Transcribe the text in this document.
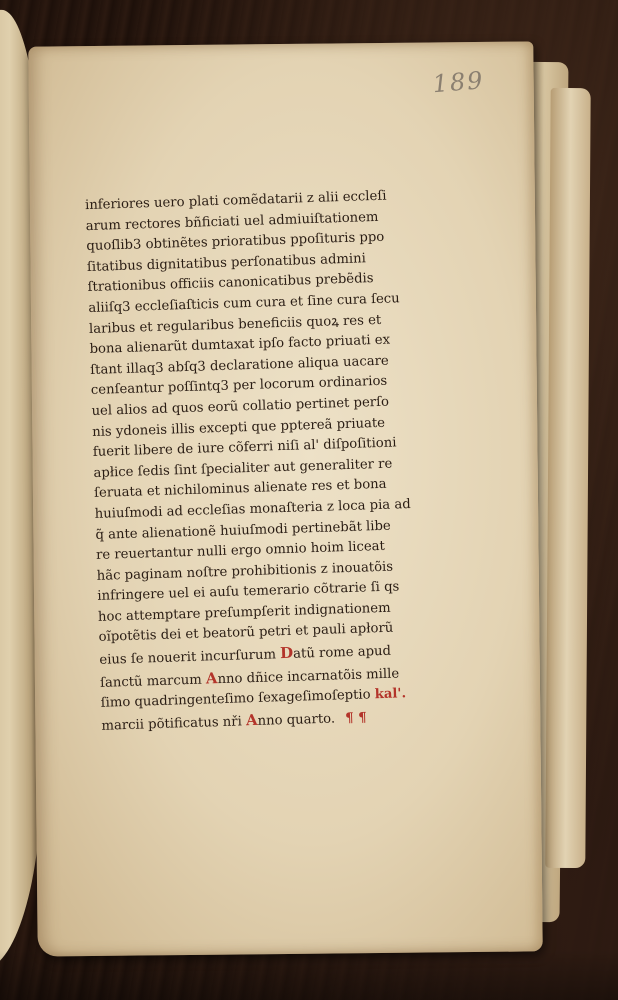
189
inferiores uero plati comẽdatarii z alii eccleſi
arum rectores bñficiati uel admiuiſtationem
quoſlib3 obtinẽtes prioratibus ppoſituris ppo
ſitatibus dignitatibus perſonatibus admini
ſtrationibus officiis canonicatibus prebẽdis
aliiſq3 eccleſiaſticis cum cura et ſine cura ſecu
laribus et regularibus beneficiis quoꝝ res et
bona alienarũt dumtaxat ipſo facto priuati ex
ſtant illaq3 abſq3 declaratione aliqua uacare
cenſeantur poſſintq3 per locorum ordinarios
uel alios ad quos eorũ collatio pertinet perſo
nis ydoneis illis excepti que pptereã priuate
fuerit libere de iure cõferri niſi al' diſpoſitioni
apłice ſedis ſint ſpecialiter aut generaliter re
ſeruata et nichilominus alienate res et bona
huiuſmodi ad eccleſias monaſteria z loca pia ad
q̃ ante alienationẽ huiuſmodi pertinebãt libe
re reuertantur nulli ergo omnio hoim liceat
hãc paginam noſtre prohibitionis z inouatõis
infringere uel ei auſu temerario cõtrarie ſi qs
hoc attemptare preſumpſerit indignationem
oĩpotẽtis dei et beatorũ petri et pauli apłorũ
eius ſe nouerit incurſurum Datũ rome apud
ſanctũ marcum Anno dñice incarnatõis mille
ſimo quadringenteſimo ſexageſimoſeptio kal'.
marcii põtificatus nři Anno quarto. ¶ ¶
